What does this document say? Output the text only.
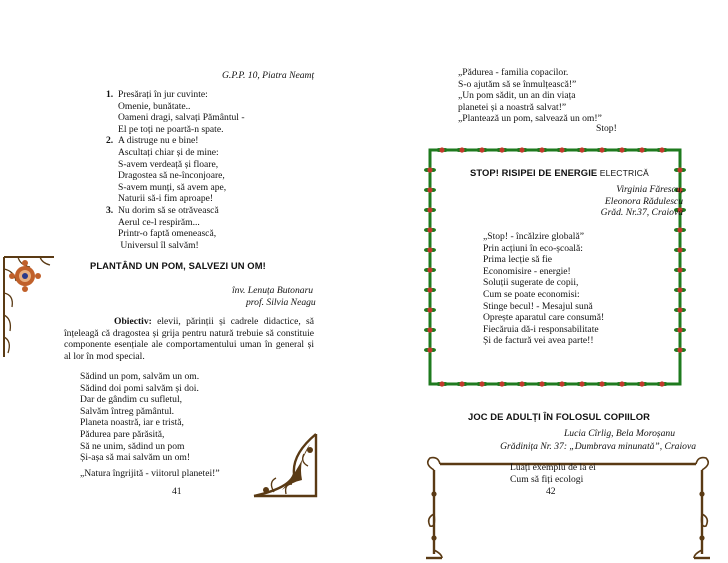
G.P.P. 10, Piatra Neamț
1. Presărați în jur cuvinte:
Omenie, bunătate..
Oameni dragi, salvați Pământul -
El pe toți ne poartă-n spate.
2. A distruge nu e bine!
Ascultați chiar și de mine:
S-avem verdeață și floare,
Dragostea să ne-înconjoare,
S-avem munți, să avem ape,
Naturii să-i fim aproape!
3. Nu dorim să se otrăvească
Aerul ce-l respirăm...
Printr-o faptă omenească,
Universul îl salvăm!
PLANTÂND UN POM, SALVEZI UN OM!
înv. Lenuța Butonaru
prof. Silvia Neagu
Obiectiv: elevii, părinții și cadrele didactice, să înțeleagă că dragostea și grija pentru natură trebuie să constituie componente esențiale ale comportamentului uman în general și al lor în mod special.
Sădind un pom, salvăm un om.
Sădind doi pomi salvăm și doi.
Dar de gândim cu sufletul,
Salvăm întreg pământul.
Planeta noastră, iar e tristă,
Pădurea pare părăsită,
Să ne unim, sădind un pom
Și-așa să mai salvăm un om!
„Natura îngrijită - viitorul planetei!”
41
„Pădurea - familia copacilor.
S-o ajutăm să se înmulțească!”
„Un pom sădit, un an din viața
planetei și a noastră salvat!”
„Plantează un pom, salvează un om!”
Stop!
STOP! RISIPEI DE ENERGIE ELECTRICĂ
Virginia Fărescu,
Eleonora Rădulescu
Grăd. Nr.37, Craiova
„Stop! - încălzire globală”
Prin acțiuni în eco-școală:
Prima lecție să fie
Economisire - energie!
Soluții sugerate de copii,
Cum se poate economisi:
Stinge becul! - Mesajul sună
Oprește aparatul care consumă!
Fiecăruia dă-i responsabilitate
Și de factură vei avea parte!!
JOC DE ADULȚI ÎN FOLOSUL COPIILOR
Lucia Cîrlig, Bela Moroșanu
Grădinița Nr. 37: „Dumbrava minunată”, Craiova
Luați exemplu de la ei
Cum să fiți ecologi
42
